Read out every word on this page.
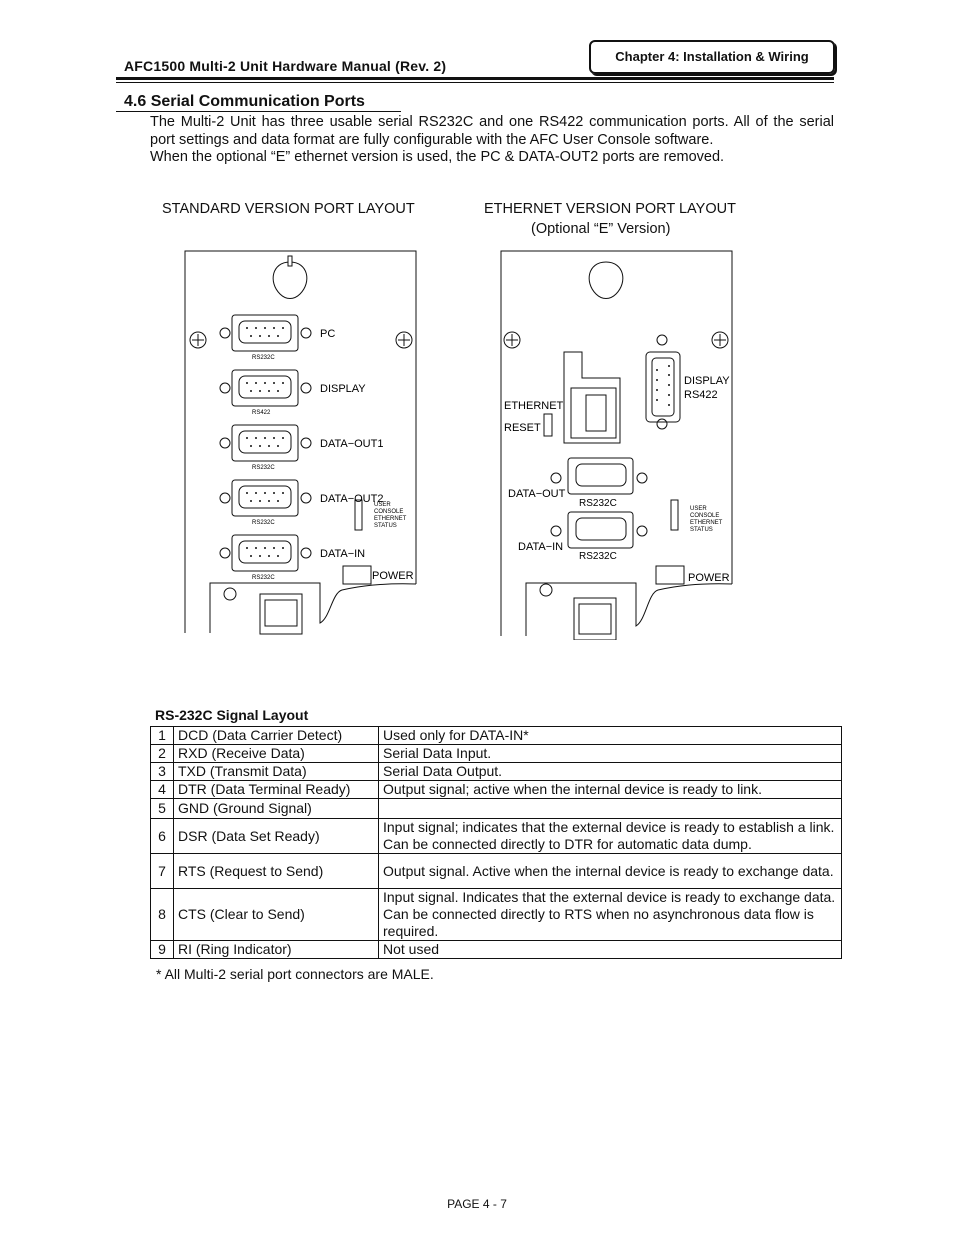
AFC1500 Multi-2 Unit Hardware Manual (Rev. 2)
Chapter 4: Installation & Wiring
4.6 Serial Communication Ports
The Multi-2 Unit has three usable serial RS232C and one RS422 communication ports. All of the serial port settings and data format are fully configurable with the AFC User Console software.
When the optional “E” ethernet version is used, the PC & DATA-OUT2 ports are removed.
STANDARD VERSION PORT LAYOUT	ETHERNET VERSION PORT LAYOUT
(Optional “E” Version)
PC
RS232C
DISPLAY
RS422
DATA−OUT1
RS232C
DATA−OUT2
RS232C
DATA−IN
RS232C
USER
CONSOLE
ETHERNET
STATUS
POWER
ETHERNET
RESET
DISPLAY
RS422
DATA−OUT
RS232C
DATA−IN
RS232C
USER
CONSOLE
ETHERNET
STATUS
POWER
RS-232C Signal Layout
1	DCD (Data Carrier Detect)	Used only for DATA-IN*
2	RXD (Receive Data)	Serial Data Input.
3	TXD (Transmit Data)	Serial Data Output.
4	DTR (Data Terminal Ready)	Output signal; active when the internal device is ready to link.
5	GND (Ground Signal)	
6	DSR (Data Set Ready)	Input signal; indicates that the external device is ready to establish a link. Can be connected directly to DTR for automatic data dump.
7	RTS (Request to Send)	Output signal. Active when the internal device is ready to exchange data.
8	CTS (Clear to Send)	Input signal. Indicates that the external device is ready to exchange data. Can be connected directly to RTS when no asynchronous data flow is required.
9	RI (Ring Indicator)	Not used
* All Multi-2 serial port connectors are MALE.
PAGE 4 - 7
